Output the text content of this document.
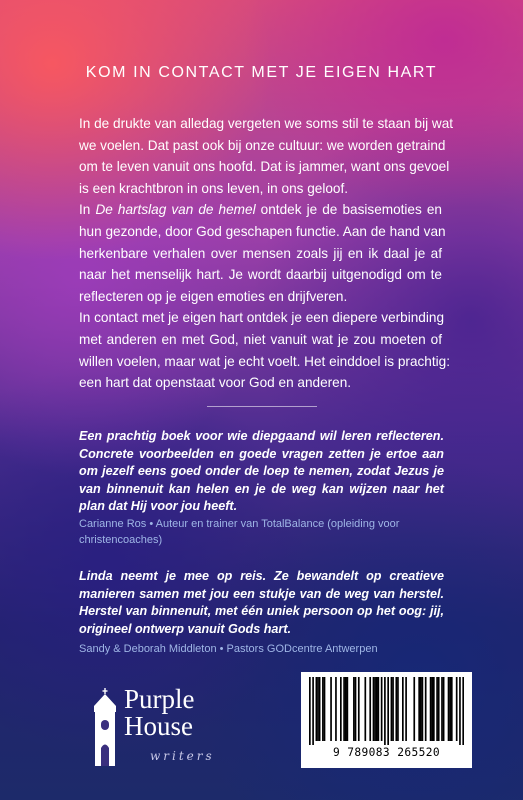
KOM IN CONTACT MET JE EIGEN HART

In de drukte van alledag vergeten we soms stil te staan bij wat
we voelen. Dat past ook bij onze cultuur: we worden getraind
om te leven vanuit ons hoofd. Dat is jammer, want ons gevoel
is een krachtbron in ons leven, in ons geloof.

In De hartslag van de hemel ontdek je de basisemoties en
hun gezonde, door God geschapen functie. Aan de hand van
herkenbare verhalen over mensen zoals jij en ik daal je af
naar het menselijk hart. Je wordt daarbij uitgenodigd om te
reflecteren op je eigen emoties en drijfveren.

In contact met je eigen hart ontdek je een diepere verbinding
met anderen en met God, niet vanuit wat je zou moeten of
willen voelen, maar wat je echt voelt. Het einddoel is prachtig:
een hart dat openstaat voor God en anderen.

Een prachtig boek voor wie diepgaand wil leren reflecteren.
Concrete voorbeelden en goede vragen zetten je ertoe aan
om jezelf eens goed onder de loep te nemen, zodat Jezus je
van binnenuit kan helen en je de weg kan wijzen naar het
plan dat Hij voor jou heeft.
Carianne Ros • Auteur en trainer van TotalBalance (opleiding voor
christencoaches)
Linda neemt je mee op reis. Ze bewandelt op creatieve
manieren samen met jou een stukje van de weg van herstel.
Herstel van binnenuit, met één uniek persoon op het oog: jij,
origineel ontwerp vanuit Gods hart.
Sandy & Deborah Middleton • Pastors GODcentre Antwerpen
Purple
House
writers	9 789083 265520
